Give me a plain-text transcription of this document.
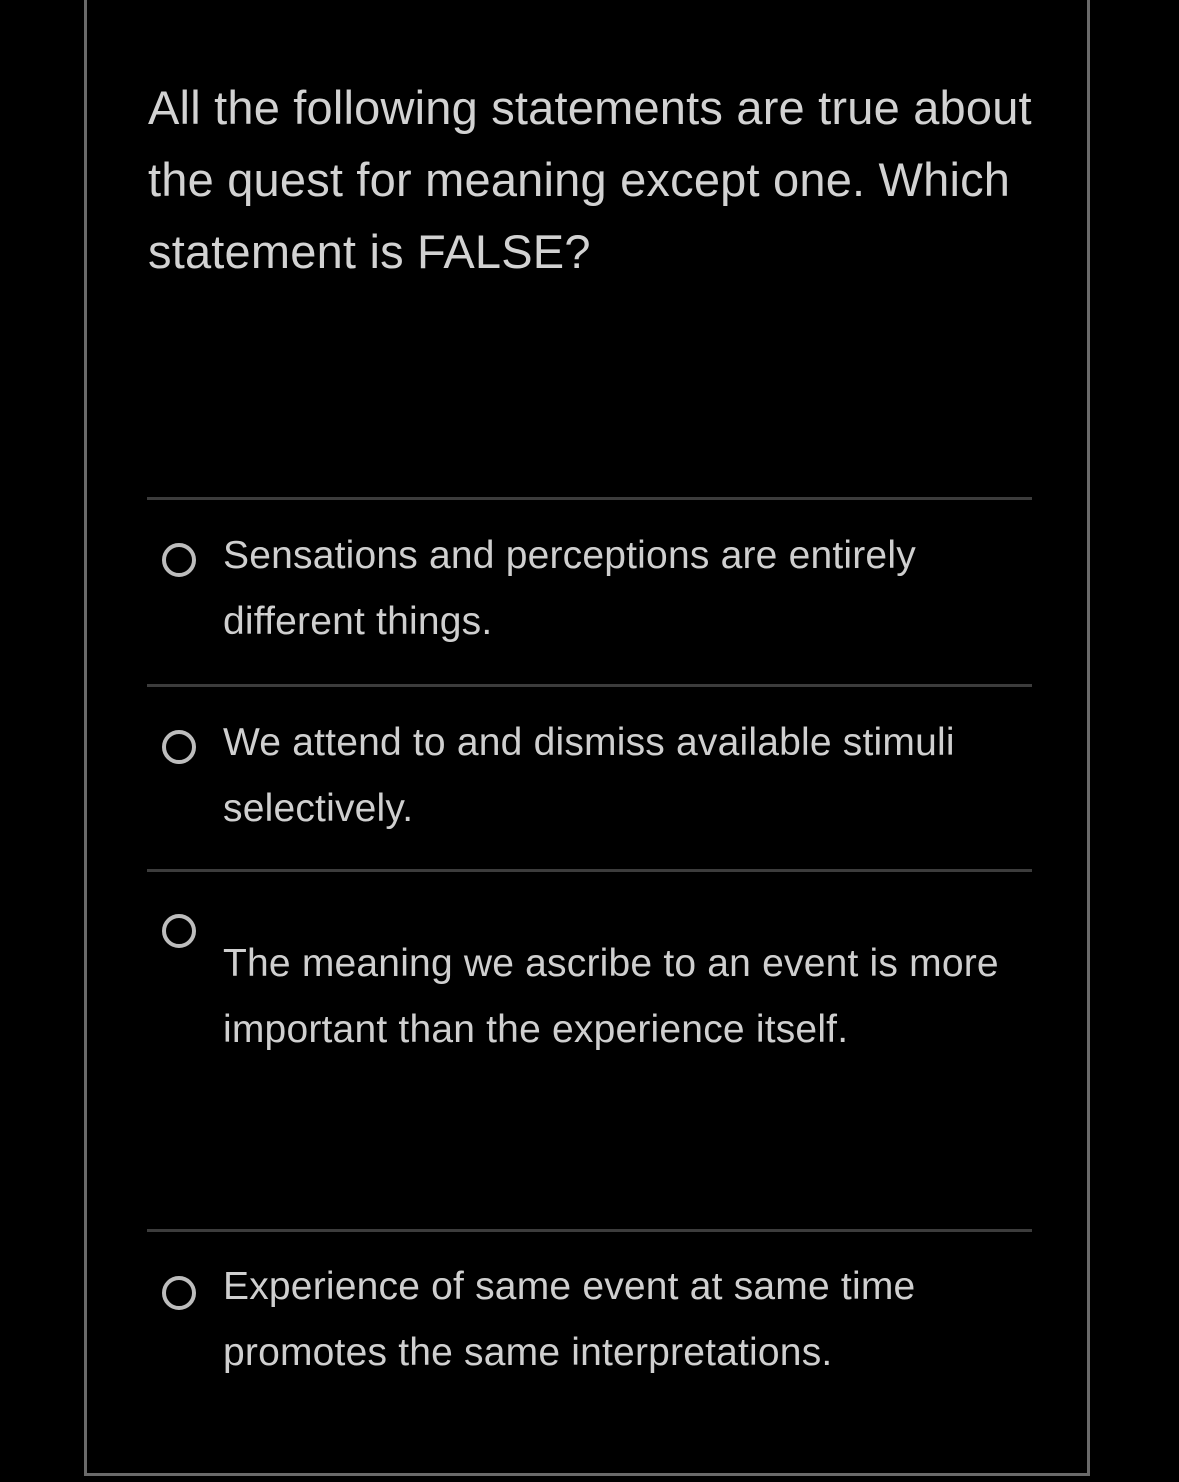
All the following statements are true about the quest for meaning except one. Which statement is FALSE?

Sensations and perceptions are entirely different things.
We attend to and dismiss available stimuli selectively.
The meaning we ascribe to an event is more important than the experience itself.
Experience of same event at same time promotes the same interpretations.
